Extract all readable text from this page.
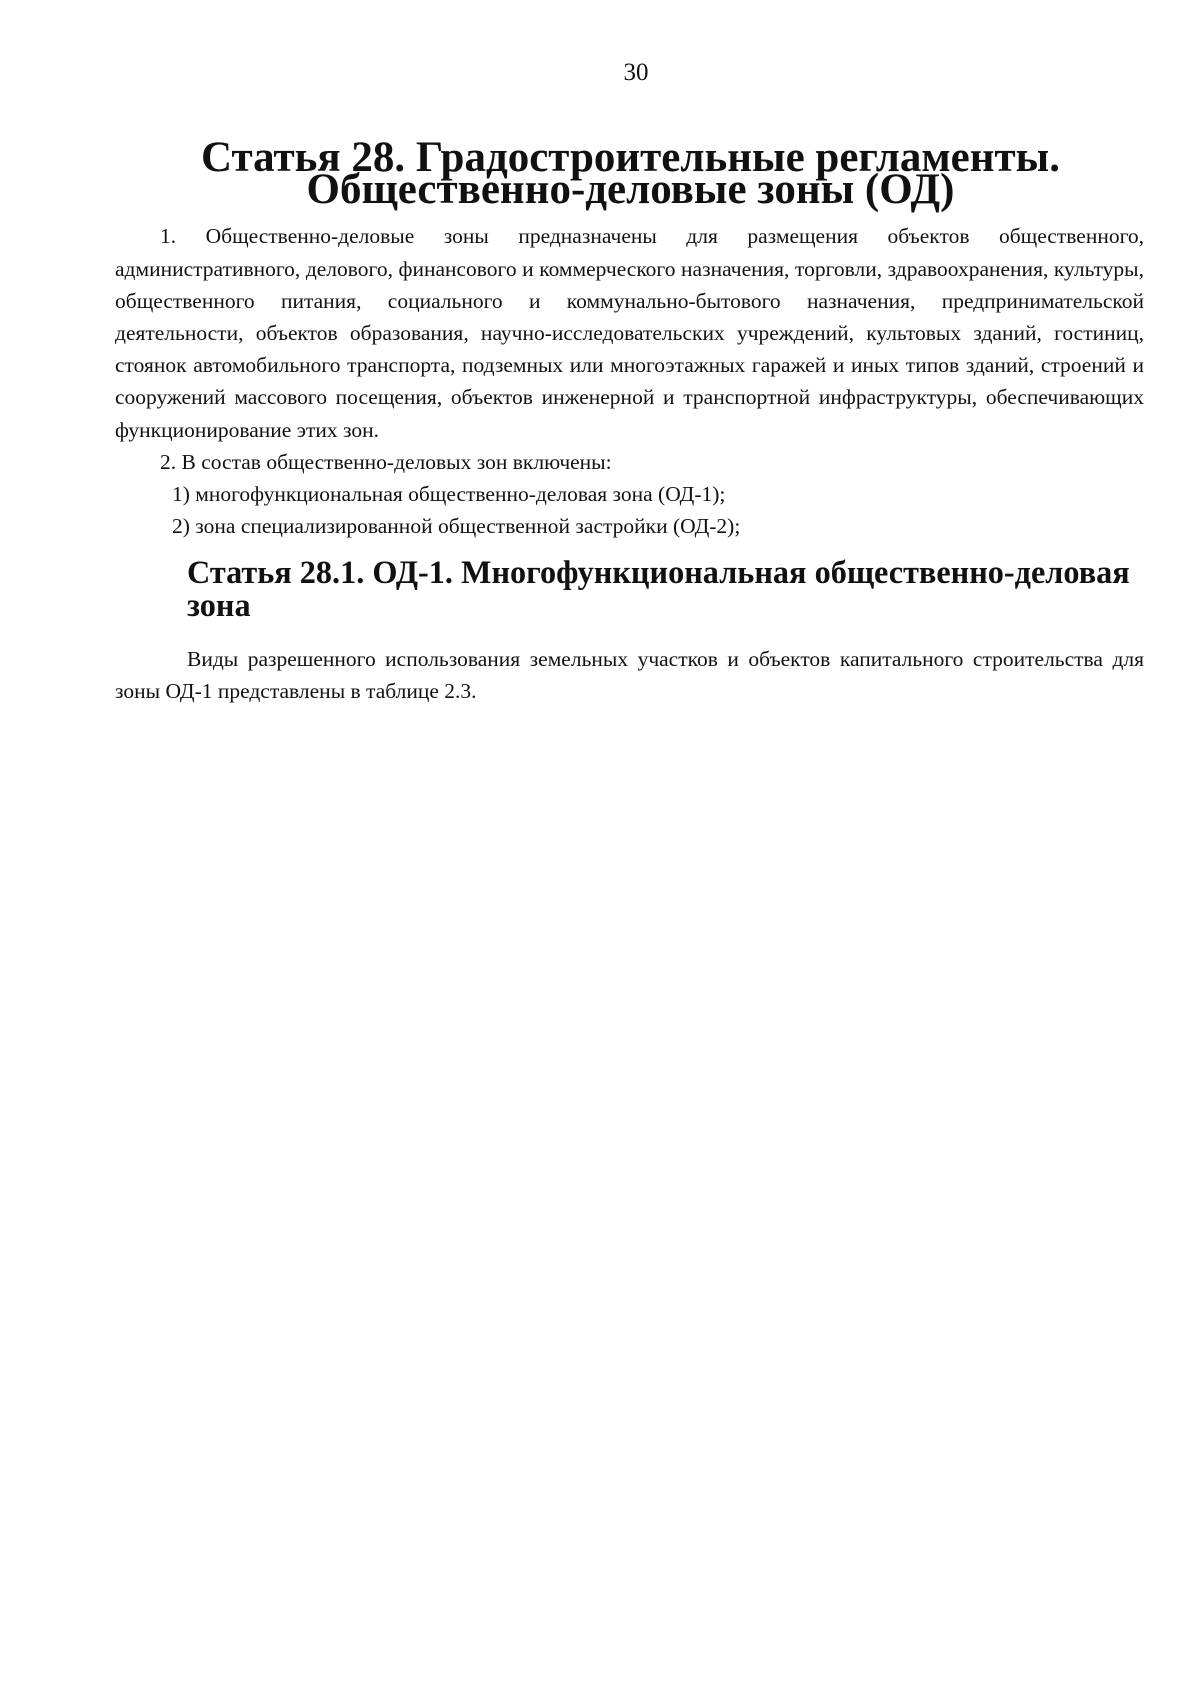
30
Статья 28. Градостроительные регламенты. Общественно-деловые зоны (ОД)

1. Общественно-деловые зоны предназначены для размещения объектов общественного, административного, делового, финансового и коммерческого назначения, торговли, здравоохранения, культуры, общественного питания, социального и коммунально-бытового назначения, предпринимательской деятельности, объектов образования, научно-исследовательских учреждений, культовых зданий, гостиниц, стоянок автомобильного транспорта, подземных или многоэтажных гаражей и иных типов зданий, строений и сооружений массового посещения, объектов инженерной и транспортной инфраструктуры, обеспечивающих функционирование этих зон.

2. В состав общественно-деловых зон включены:

1) многофункциональная общественно-деловая зона (ОД-1);

2) зона специализированной общественной застройки (ОД-2);

Статья 28.1. ОД-1. Многофункциональная общественно-деловая зона

Виды разрешенного использования земельных участков и объектов капитального строительства для зоны ОД-1 представлены в таблице 2.3.
